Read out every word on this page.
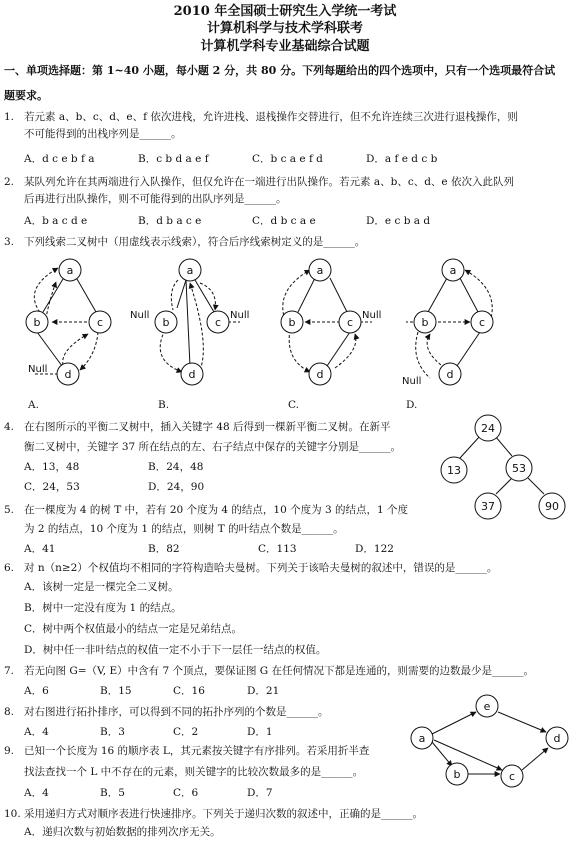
2010 年全国硕士研究生入学统一考试
计算机科学与技术学科联考
计算机学科专业基础综合试题
一、单项选择题：第 1~40 小题，每小题 2 分，共 80 分。下列每题给出的四个选项中，只有一个选项最符合试
题要求。
1. 若元素 a、b、c、d、e、f 依次进栈，允许进栈、退栈操作交替进行，但不允许连续三次进行退栈操作，则
不可能得到的出栈序列是______。
A．d c e b f a	B．c b d a e f	C．b c a e f d	D．a f e d c b
2. 某队列允许在其两端进行入队操作，但仅允许在一端进行出队操作。若元素 a、b、c、d、e 依次入此队列
后再进行出队操作，则不可能得到的出队序列是______。
A．b a c d e	B．d b a c e	C．d b c a e	D．e c b a d
3. 下列线索二叉树中（用虚线表示线索），符合后序线索树定义的是______。
a
b	c
d
a
b	c
d
a
b	c
d
a
b	c
d
Null
Null	Null	Null
Null
A.	B.	C.	D.
4. 在右图所示的平衡二叉树中，插入关键字 48 后得到一棵新平衡二叉树。在新平
衡二叉树中，关键字 37 所在结点的左、右子结点中保存的关键字分别是______。
A．13，48	B．24，48
C．24，53	D．24，90
24
13	53
37	90
5. 在一棵度为 4 的树 T 中，若有 20 个度为 4 的结点，10 个度为 3 的结点，1 个度
为 2 的结点，10 个度为 1 的结点，则树 T 的叶结点个数是______。
A．41	B．82	C．113	D．122
6. 对 n（n≥2）个权值均不相同的字符构造哈夫曼树。下列关于该哈夫曼树的叙述中，错误的是______。
A．该树一定是一棵完全二叉树。
B．树中一定没有度为 1 的结点。
C．树中两个权值最小的结点一定是兄弟结点。
D．树中任一非叶结点的权值一定不小于下一层任一结点的权值。
7. 若无向图 G=（V, E）中含有 7 个顶点，要保证图 G 在任何情况下都是连通的，则需要的边数最少是______。
A．6	B．15	C．16	D．21
8. 对右图进行拓扑排序，可以得到不同的拓扑序列的个数是______。
A．4	B．3	C．2	D．1	a
b	c
d
e
9. 已知一个长度为 16 的顺序表 L，其元素按关键字有序排列。若采用折半查
找法查找一个 L 中不存在的元素，则关键字的比较次数最多的是______。
A．4	B．5	C．6	D．7
10. 采用递归方式对顺序表进行快速排序。下列关于递归次数的叙述中，正确的是______。
A．递归次数与初始数据的排列次序无关。
